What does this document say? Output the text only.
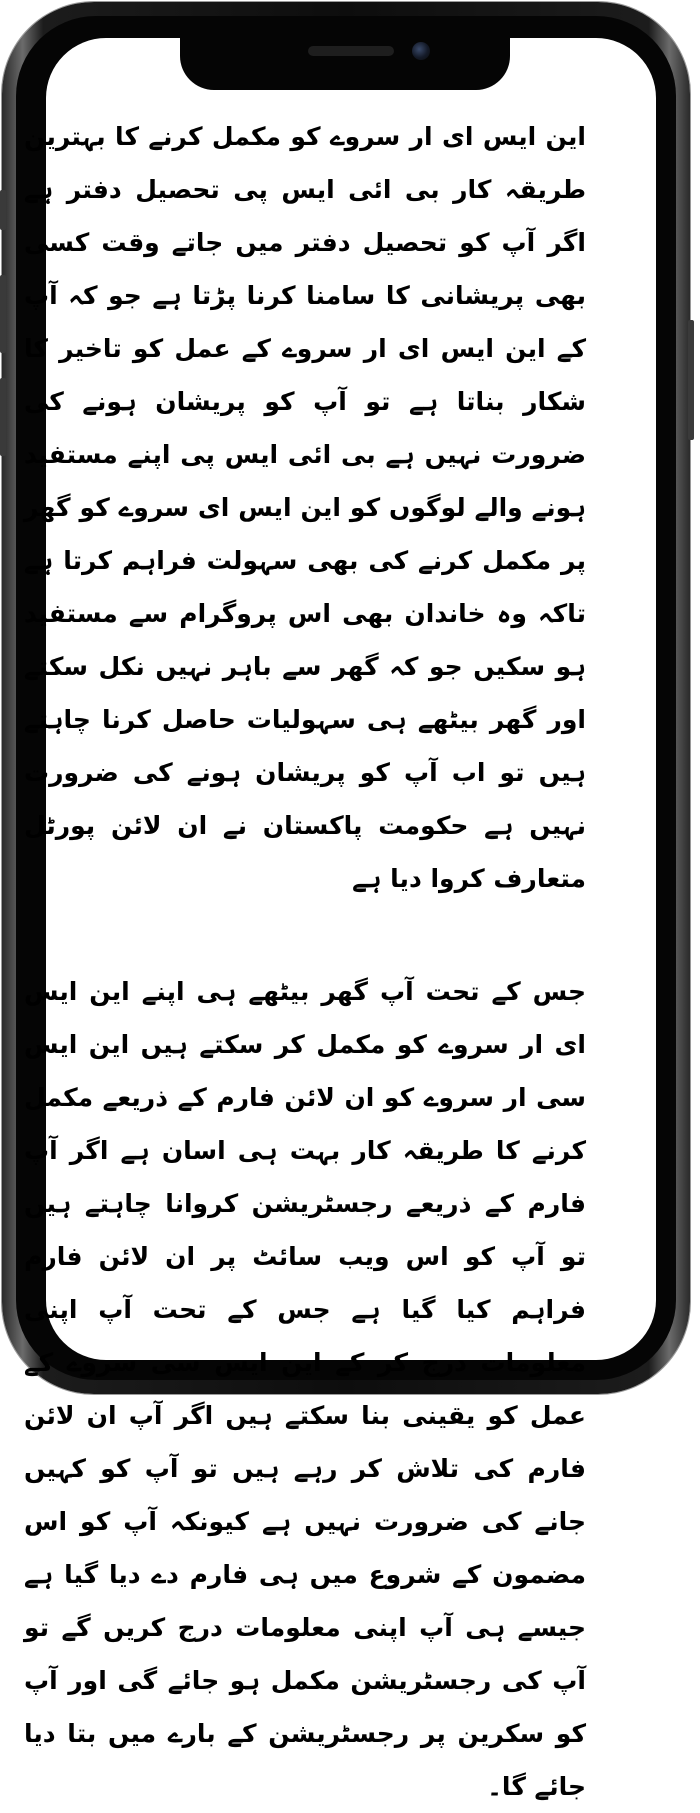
این ایس ای ار سروے کو مکمل کرنے کا بہترین طریقہ کار بی ائی ایس پی تحصیل دفتر ہے اگر آپ کو تحصیل دفتر میں جاتے وقت کسی بھی پریشانی کا سامنا کرنا پڑتا ہے جو کہ آپ کے این ایس ای ار سروے کے عمل کو تاخیر کا شکار بناتا ہے تو آپ کو پریشان ہونے کی ضرورت نہیں ہے بی ائی ایس پی اپنے مستفید ہونے والے لوگوں کو این ایس ای سروے کو گھر پر مکمل کرنے کی بھی سہولت فراہم کرتا ہے تاکہ وہ خاندان بھی اس پروگرام سے مستفید ہو سکیں جو کہ گھر سے باہر نہیں نکل سکتے اور گھر بیٹھے ہی سہولیات حاصل کرنا چاہتے ہیں تو اب آپ کو پریشان ہونے کی ضرورت نہیں ہے حکومت پاکستان نے ان لائن پورٹل متعارف کروا دیا ہے

جس کے تحت آپ گھر بیٹھے ہی اپنے این ایس ای ار سروے کو مکمل کر سکتے ہیں این ایس سی ار سروے کو ان لائن فارم کے ذریعے مکمل کرنے کا طریقہ کار بہت ہی اسان ہے اگر آپ فارم کے ذریعے رجسٹریشن کروانا چاہتے ہیں تو آپ کو اس ویب سائٹ پر ان لائن فارم فراہم کیا گیا ہے جس کے تحت آپ اپنی معلومات درج کر کے این ایس سی سروے کے عمل کو یقینی بنا سکتے ہیں اگر آپ ان لائن فارم کی تلاش کر رہے ہیں تو آپ کو کہیں جانے کی ضرورت نہیں ہے کیونکہ آپ کو اس مضمون کے شروع میں ہی فارم دے دیا گیا ہے جیسے ہی آپ اپنی معلومات درج کریں گے تو آپ کی رجسٹریشن مکمل ہو جائے گی اور آپ کو سکرین پر رجسٹریشن کے بارے میں بتا دیا جائے گا۔
